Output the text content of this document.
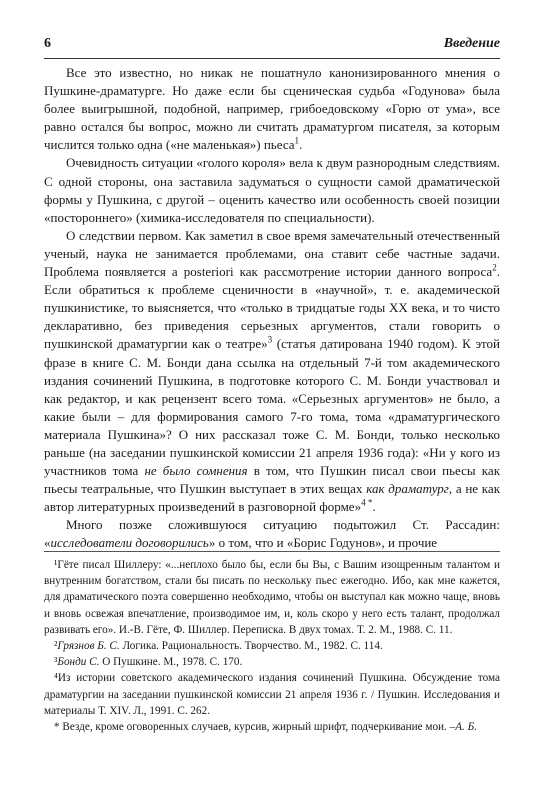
6	Введение

Все это известно, но никак не пошатнуло канонизированного мнения о Пушкине-драматурге. Но даже если бы сценическая судьба «Годунова» была более выигрышной, подобной, например, грибоедовскому «Горю от ума», все равно остался бы вопрос, можно ли считать драматургом писателя, за которым числится только одна («не маленькая») пьеса$^1$.

Очевидность ситуации «голого короля» вела к двум разнородным следствиям. С одной стороны, она заставила задуматься о сущности самой драматической формы у Пушкина, с другой – оценить качество или особенность своей позиции «постороннего» (химика-исследователя по специальности).

О следствии первом. Как заметил в свое время замечательный отечественный ученый, наука не занимается проблемами, она ставит себе частные задачи. Проблема появляется a posteriori как рассмотрение истории данного вопроса$^2$. Если обратиться к проблеме сценичности в «научной», т. е. академической пушкинистике, то выясняется, что «только в тридцатые годы XX века, и то чисто декларативно, без приведения серьезных аргументов, стали говорить о пушкинской драматургии как о театре»$^3$ (статья датирована 1940 годом). К этой фразе в книге С. М. Бонди дана ссылка на отдельный 7-й том академического издания сочинений Пушкина, в подготовке которого С. М. Бонди участвовал и как редактор, и как рецензент всего тома. «Серьезных аргументов» не было, а какие были – для формирования самого 7-го тома, тома «драматургического материала Пушкина»? О них рассказал тоже С. М. Бонди, только несколько раньше (на заседании пушкинской комиссии 21 апреля 1936 года): «Ни у кого из участников тома не было сомнения в том, что Пушкин писал свои пьесы как пьесы театральные, что Пушкин выступает в этих вещах как драматург, а не как автор литературных произведений в разговорной форме»$^{4 *}$.

Много позже сложившуюся ситуацию подытожил Ст. Рассадин: «исследователи договорились» о том, что и «Борис Годунов», и прочие

¹Гёте писал Шиллеру: «...неплохо было бы, если бы Вы, с Вашим изощренным талантом и внутренним богатством, стали бы писать по нескольку пьес ежегодно. Ибо, как мне кажется, для драматического поэта совершенно необходимо, чтобы он выступал как можно чаще, вновь и вновь освежая впечатление, производимое им, и, коль скоро у него есть талант, продолжал развивать его». И.-В. Гёте, Ф. Шиллер. Переписка. В двух томах. Т. 2. М., 1988. С. 11.

²Грязнов Б. С. Логика. Рациональность. Творчество. М., 1982. С. 114.

³Бонди С. О Пушкине. М., 1978. С. 170.

⁴Из истории советского академического издания сочинений Пушкина. Обсуждение тома драматургии на заседании пушкинской комиссии 21 апреля 1936 г. / Пушкин. Исследования и материалы Т. XIV. Л., 1991. С. 262.

* Везде, кроме оговоренных случаев, курсив, жирный шрифт, подчеркивание мои. –А. Б.
